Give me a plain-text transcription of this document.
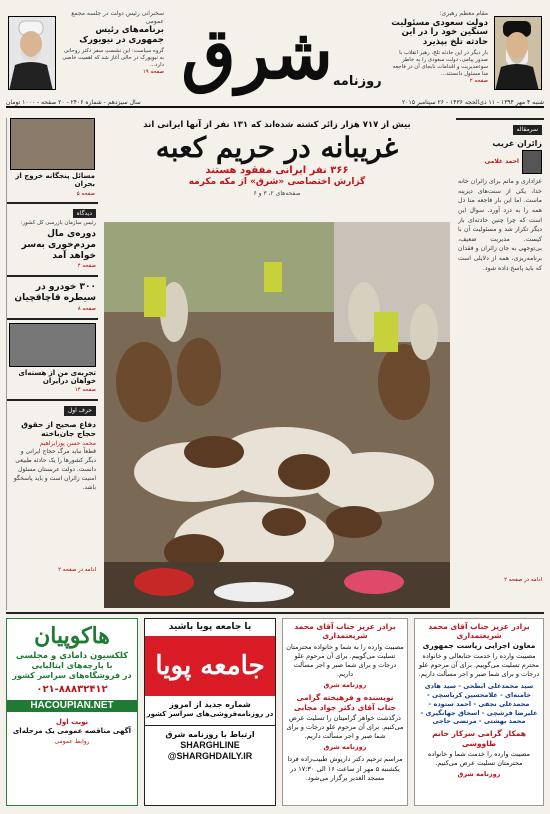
مقام معظم رهبری:
دولت سعودی مسئولیت سنگین خود را در این حادثه تلخ بپذیرد
بار دیگر در این حادثه تلخ، رهبر انقلاب با صدور پیامی، دولت سعودی را به خاطر سوءمدیریت و اقدامات نابجای آن در فاجعه منا مسئول دانستند...
صفحه ۲
روزنامه
شرق
سخنرانی رئیس دولت در جلسه مجمع عمومی
برنامه‌های رئیس جمهوری در نیویورک
گروه سیاست: این نشستِ سفر دکتر روحانی به نیویورک در حالی آغاز شد که اهمیت خاصی دارد...
صفحه ۱۹
شنبه ۴ مهر ۱۳۹۴ - ۱۱ ذی‌الحجه ۱۴۳۶ - ۲۶ سپتامبر ۲۰۱۵
سال سیزدهم - شماره ۲۴۰۶ - ۲۰ صفحه - ۱۰۰۰ تومان
سرمقاله
زائران غریب
احمد غلامی
عزاداری و ماتم برای زائران خانه خدا، یکی از سنت‌های دیرینه ماست. اما این بار فاجعه منا دل همه را به درد آورد. سوال این است که چرا چنین حادثه‌ای بار دیگر تکرار شد و مسئولیت آن با کیست. مدیریت ضعیف، بی‌توجهی به جان زائران و فقدان برنامه‌ریزی، همه از دلایلی است که باید پاسخ داده شود.
ادامه در صفحه ۲
بیش از ۷۱۷ هزار زائر کشته شده‌اند که ۱۳۱ نفر از آنها ایرانی اند
غریبانه در حریم کعبه
۳۶۶ نفر ایرانی مفقود هستند
گزارش اختصاصی «شرق» از مکه مکرمه
صفحه‌های ۲، ۳ و ۶
مسائل پنجگانه خروج از بحران
صفحه ۵
دیدگاه
رئیس سازمان بازرسی کل کشور:
دوره‌ی مال مردم‌خوری به‌سر خواهد آمد
صفحه ۴
۳۰۰ خودرو در سیطره قاچاقچیان
صفحه ۸
تجربه‌ی من از هسته‌ای خواهان درایران
صفحه ۱۴
حرف اول
دفاع صحیح از حقوق حجاج جان‌باخته
محمد حسن پورابراهیم
قطعاً نباید مرگ حجاج ایرانی و دیگر کشورها را یک حادثه طبیعی دانست. دولت عربستان مسئول امنیت زائران است و باید پاسخگو باشد.
ادامه در صفحه ۲
برادر عزیز جناب آقای محمد شریعتمداری
معاون اجرایی ریاست جمهوری
مصیبت وارده را خدمت جنابعالی و خانواده محترم تسلیت می‌گوییم. برای آن مرحوم علو درجات و برای شما صبر و اجر مسألت داریم.
سید محمدعلی ابطحی - سید هادی خامنه‌ای - غلامحسین کرباسچی - محمدعلی نجفی - احمد ستوده - علیرضا فرشچی - اسحاق جهانگیری - محمد بهشتی - مرتضی حاجی
همکار گرامی سرکار خانم طاووسی
مصیبت وارده را خدمت شما و خانواده محترمتان تسلیت عرض می‌کنیم.
روزنامه شرق
برادر عزیز جناب آقای محمد شریعتمداری
مصیبت وارده را به شما و خانواده محترمتان تسلیت می‌گوییم. برای آن مرحوم علو درجات و برای شما صبر و اجر مسألت داریم.
روزنامه شرق
نویسنده و فرهیخته گرامی جناب آقای دکتر جواد مجابی
درگذشت خواهر گرامیتان را تسلیت عرض می‌کنیم. برای آن مرحوم علو درجات و برای شما صبر و اجر مسألت داریم.
روزنامه شرق
مراسم ترحیم دکتر داریوش طبیب‌زاده فردا یکشنبه ۵ مهر از ساعت ۱۶ الی ۱۷:۳۰ در مسجد الغدیر برگزار می‌شود.
با جامعه پویا باشید
جامعه پویا
شماره جدید از امروز
در روزنامه‌فروشی‌های سراسر کشور
ارتباط با روزنامه شرق
SHARGHLINE
@SHARGHDAILY.IR
هاکوپیان
کلکسیون دامادی و مجلسی
با پارچه‌های ایتالیایی
در فروشگاه‌های سراسر کشور
۰۲۱-۸۸۸۳۲۴۱۲
HACOUPIAN.NET
نوبت اول
آگهی مناقصه عمومی یک مرحله‌ای
روابط عمومی
